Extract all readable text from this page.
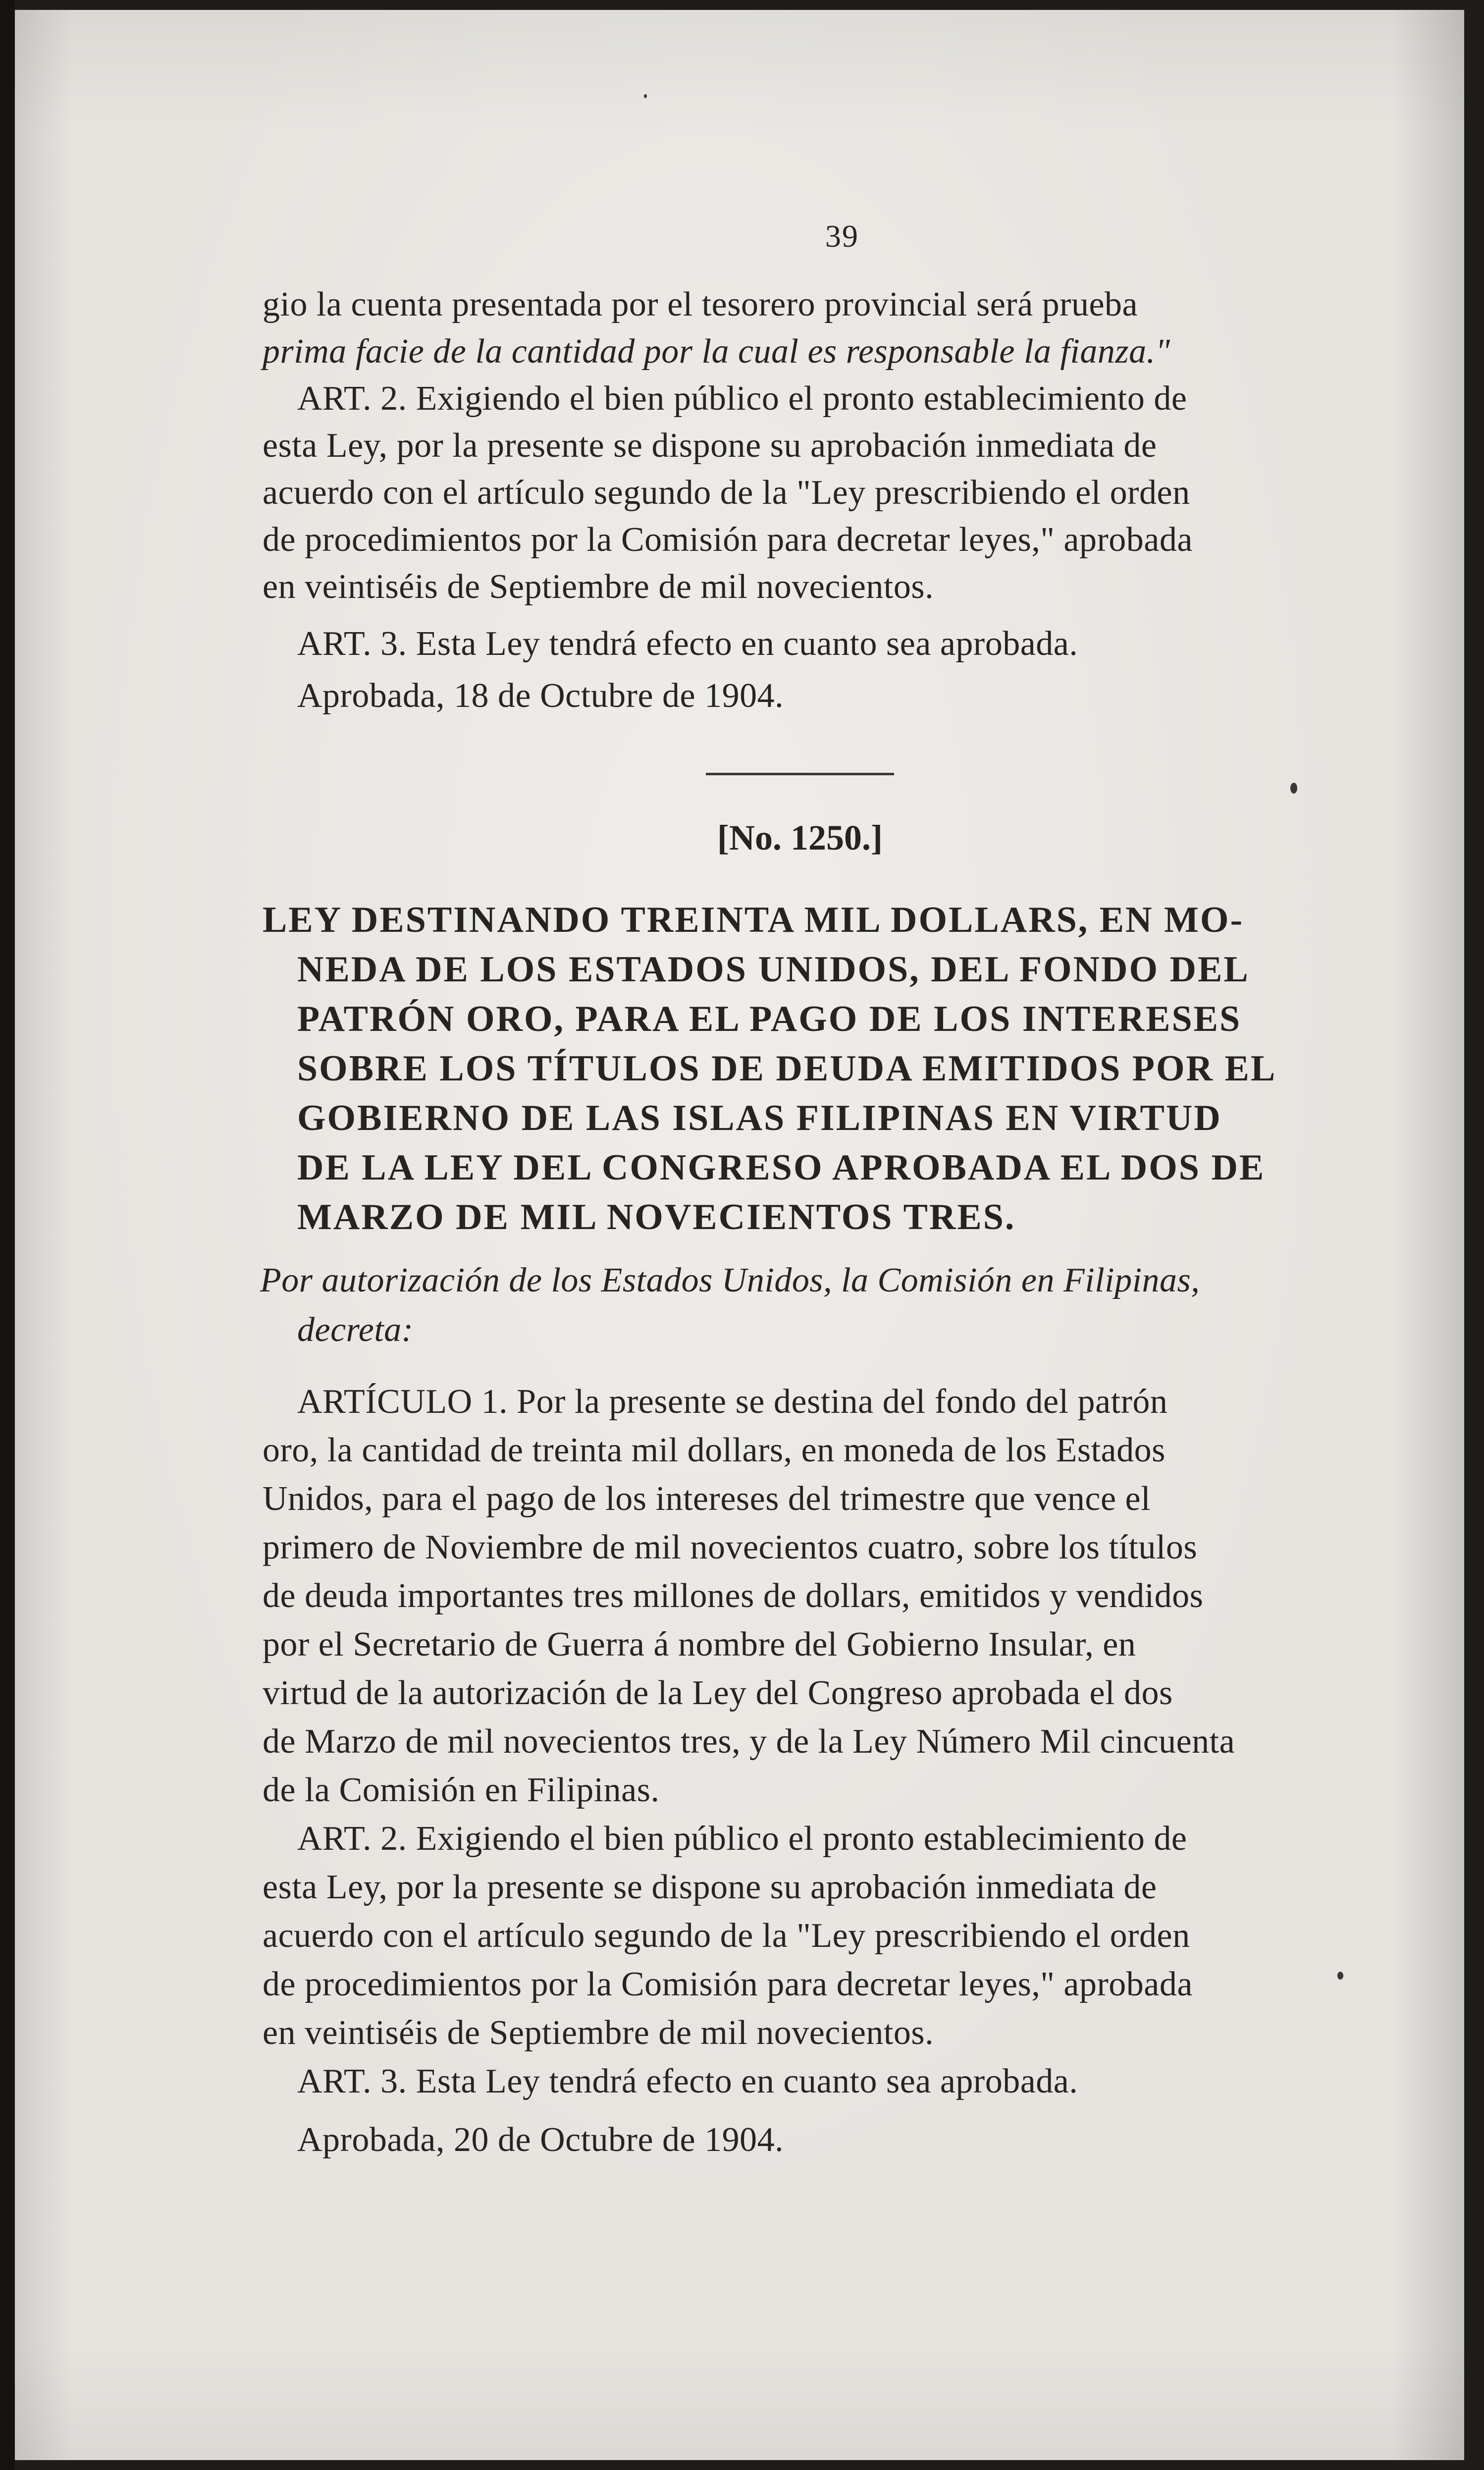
39

gio la cuenta presentada por el tesorero provincial será prueba

prima facie de la cantidad por la cual es responsable la fianza."

ART. 2. Exigiendo el bien público el pronto establecimiento de

esta Ley, por la presente se dispone su aprobación inmediata de

acuerdo con el artículo segundo de la "Ley prescribiendo el orden

de procedimientos por la Comisión para decretar leyes," aprobada

en veintiséis de Septiembre de mil novecientos.

ART. 3. Esta Ley tendrá efecto en cuanto sea aprobada.

Aprobada, 18 de Octubre de 1904.

[No. 1250.]

LEY DESTINANDO TREINTA MIL DOLLARS, EN MO-

NEDA DE LOS ESTADOS UNIDOS, DEL FONDO DEL

PATRÓN ORO, PARA EL PAGO DE LOS INTERESES

SOBRE LOS TÍTULOS DE DEUDA EMITIDOS POR EL

GOBIERNO DE LAS ISLAS FILIPINAS EN VIRTUD

DE LA LEY DEL CONGRESO APROBADA EL DOS DE

MARZO DE MIL NOVECIENTOS TRES.

Por autorización de los Estados Unidos, la Comisión en Filipinas,

decreta:

ARTÍCULO 1. Por la presente se destina del fondo del patrón

oro, la cantidad de treinta mil dollars, en moneda de los Estados

Unidos, para el pago de los intereses del trimestre que vence el

primero de Noviembre de mil novecientos cuatro, sobre los títulos

de deuda importantes tres millones de dollars, emitidos y vendidos

por el Secretario de Guerra á nombre del Gobierno Insular, en

virtud de la autorización de la Ley del Congreso aprobada el dos

de Marzo de mil novecientos tres, y de la Ley Número Mil cincuenta

de la Comisión en Filipinas.

ART. 2. Exigiendo el bien público el pronto establecimiento de

esta Ley, por la presente se dispone su aprobación inmediata de

acuerdo con el artículo segundo de la "Ley prescribiendo el orden

de procedimientos por la Comisión para decretar leyes," aprobada

en veintiséis de Septiembre de mil novecientos.

ART. 3. Esta Ley tendrá efecto en cuanto sea aprobada.

Aprobada, 20 de Octubre de 1904.
